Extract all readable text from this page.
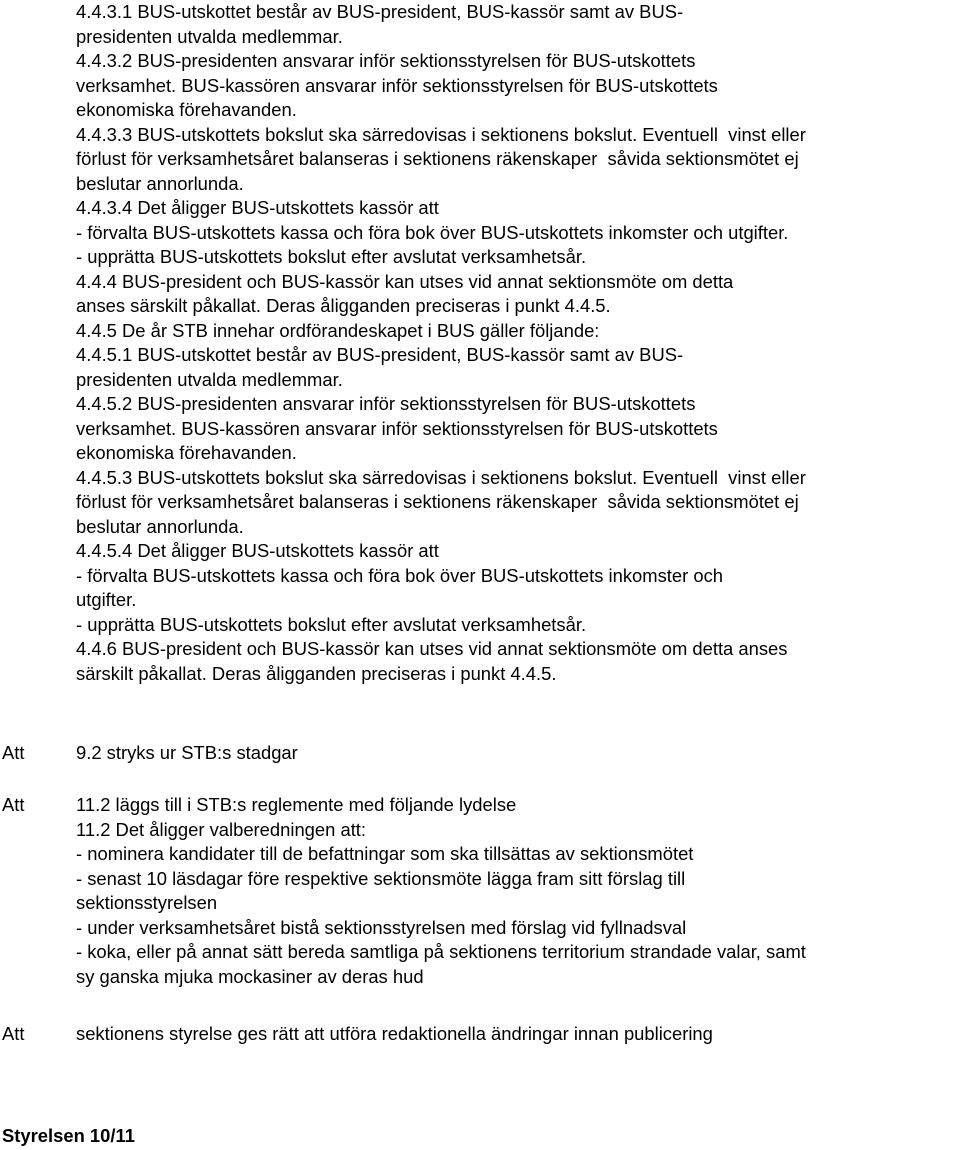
4.4.3.1 BUS-utskottet består av BUS-president, BUS-kassör samt av BUS-
presidenten utvalda medlemmar.
4.4.3.2 BUS-presidenten ansvarar inför sektionsstyrelsen för BUS-utskottets
verksamhet. BUS-kassören ansvarar inför sektionsstyrelsen för BUS-utskottets
ekonomiska förehavanden.
4.4.3.3 BUS-utskottets bokslut ska särredovisas i sektionens bokslut. Eventuell  vinst eller
förlust för verksamhetsåret balanseras i sektionens räkenskaper  såvida sektionsmötet ej
beslutar annorlunda.
4.4.3.4 Det åligger BUS-utskottets kassör att
- förvalta BUS-utskottets kassa och föra bok över BUS-utskottets inkomster och utgifter.
- upprätta BUS-utskottets bokslut efter avslutat verksamhetsår.
4.4.4 BUS-president och BUS-kassör kan utses vid annat sektionsmöte om detta
anses särskilt påkallat. Deras åligganden preciseras i punkt 4.4.5.
4.4.5 De år STB innehar ordförandeskapet i BUS gäller följande:
4.4.5.1 BUS-utskottet består av BUS-president, BUS-kassör samt av BUS-
presidenten utvalda medlemmar.
4.4.5.2 BUS-presidenten ansvarar inför sektionsstyrelsen för BUS-utskottets
verksamhet. BUS-kassören ansvarar inför sektionsstyrelsen för BUS-utskottets
ekonomiska förehavanden.
4.4.5.3 BUS-utskottets bokslut ska särredovisas i sektionens bokslut. Eventuell  vinst eller
förlust för verksamhetsåret balanseras i sektionens räkenskaper  såvida sektionsmötet ej
beslutar annorlunda.
4.4.5.4 Det åligger BUS-utskottets kassör att
- förvalta BUS-utskottets kassa och föra bok över BUS-utskottets inkomster och
utgifter.
- upprätta BUS-utskottets bokslut efter avslutat verksamhetsår.
4.4.6 BUS-president och BUS-kassör kan utses vid annat sektionsmöte om detta anses
särskilt påkallat. Deras åligganden preciseras i punkt 4.4.5.
Att	9.2 stryks ur STB:s stadgar
Att	11.2 läggs till i STB:s reglemente med följande lydelse
11.2 Det åligger valberedningen att:
- nominera kandidater till de befattningar som ska tillsättas av sektionsmötet
- senast 10 läsdagar före respektive sektionsmöte lägga fram sitt förslag till
sektionsstyrelsen
- under verksamhetsåret bistå sektionsstyrelsen med förslag vid fyllnadsval
- koka, eller på annat sätt bereda samtliga på sektionens territorium strandade valar, samt
sy ganska mjuka mockasiner av deras hud
Att	sektionens styrelse ges rätt att utföra redaktionella ändringar innan publicering
Styrelsen 10/11
